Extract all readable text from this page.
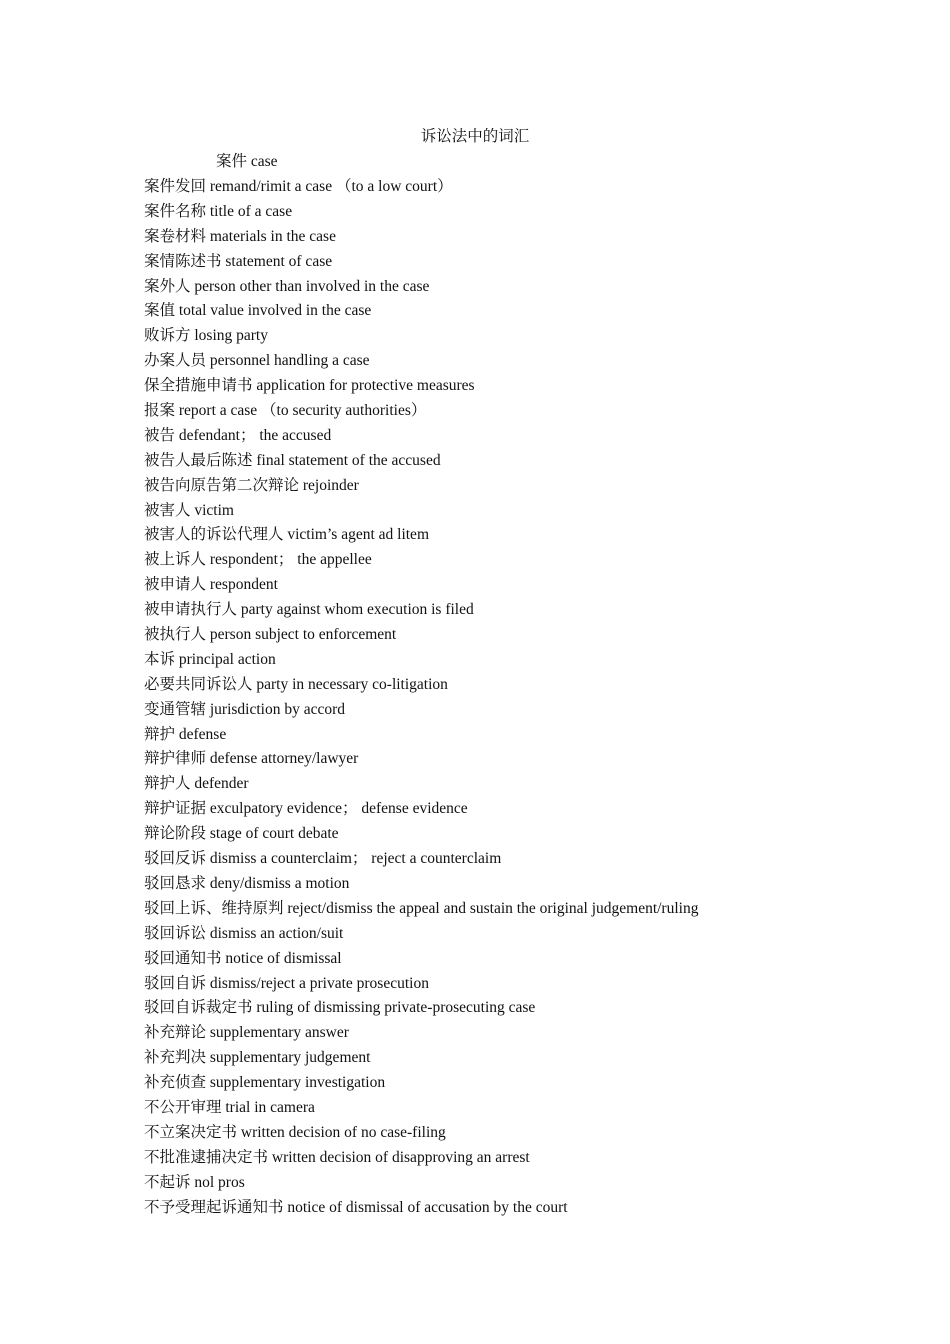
诉讼法中的词汇
案件 case
案件发回 remand/rimit a case （to a low court）
案件名称 title of a case
案卷材料 materials in the case
案情陈述书 statement of case
案外人 person other than involved in the case
案值 total value involved in the case
败诉方 losing party
办案人员 personnel handling a case
保全措施申请书 application for protective measures
报案 report a case （to security authorities）
被告 defendant； the accused
被告人最后陈述 final statement of the accused
被告向原告第二次辩论 rejoinder
被害人 victim
被害人的诉讼代理人 victim’s agent ad litem
被上诉人 respondent； the appellee
被申请人 respondent
被申请执行人 party against whom execution is filed
被执行人 person subject to enforcement
本诉 principal action
必要共同诉讼人 party in necessary co-litigation
变通管辖 jurisdiction by accord
辩护 defense
辩护律师 defense attorney/lawyer
辩护人 defender
辩护证据 exculpatory evidence； defense evidence
辩论阶段 stage of court debate
驳回反诉 dismiss a counterclaim； reject a counterclaim
驳回恳求 deny/dismiss a motion
驳回上诉、维持原判 reject/dismiss the appeal and sustain the original judgement/ruling
驳回诉讼 dismiss an action/suit
驳回通知书 notice of dismissal
驳回自诉 dismiss/reject a private prosecution
驳回自诉裁定书 ruling of dismissing private-prosecuting case
补充辩论 supplementary answer
补充判决 supplementary judgement
补充侦查 supplementary investigation
不公开审理 trial in camera
不立案决定书 written decision of no case-filing
不批准逮捕决定书 written decision of disapproving an arrest
不起诉 nol pros
不予受理起诉通知书 notice of dismissal of accusation by the court
